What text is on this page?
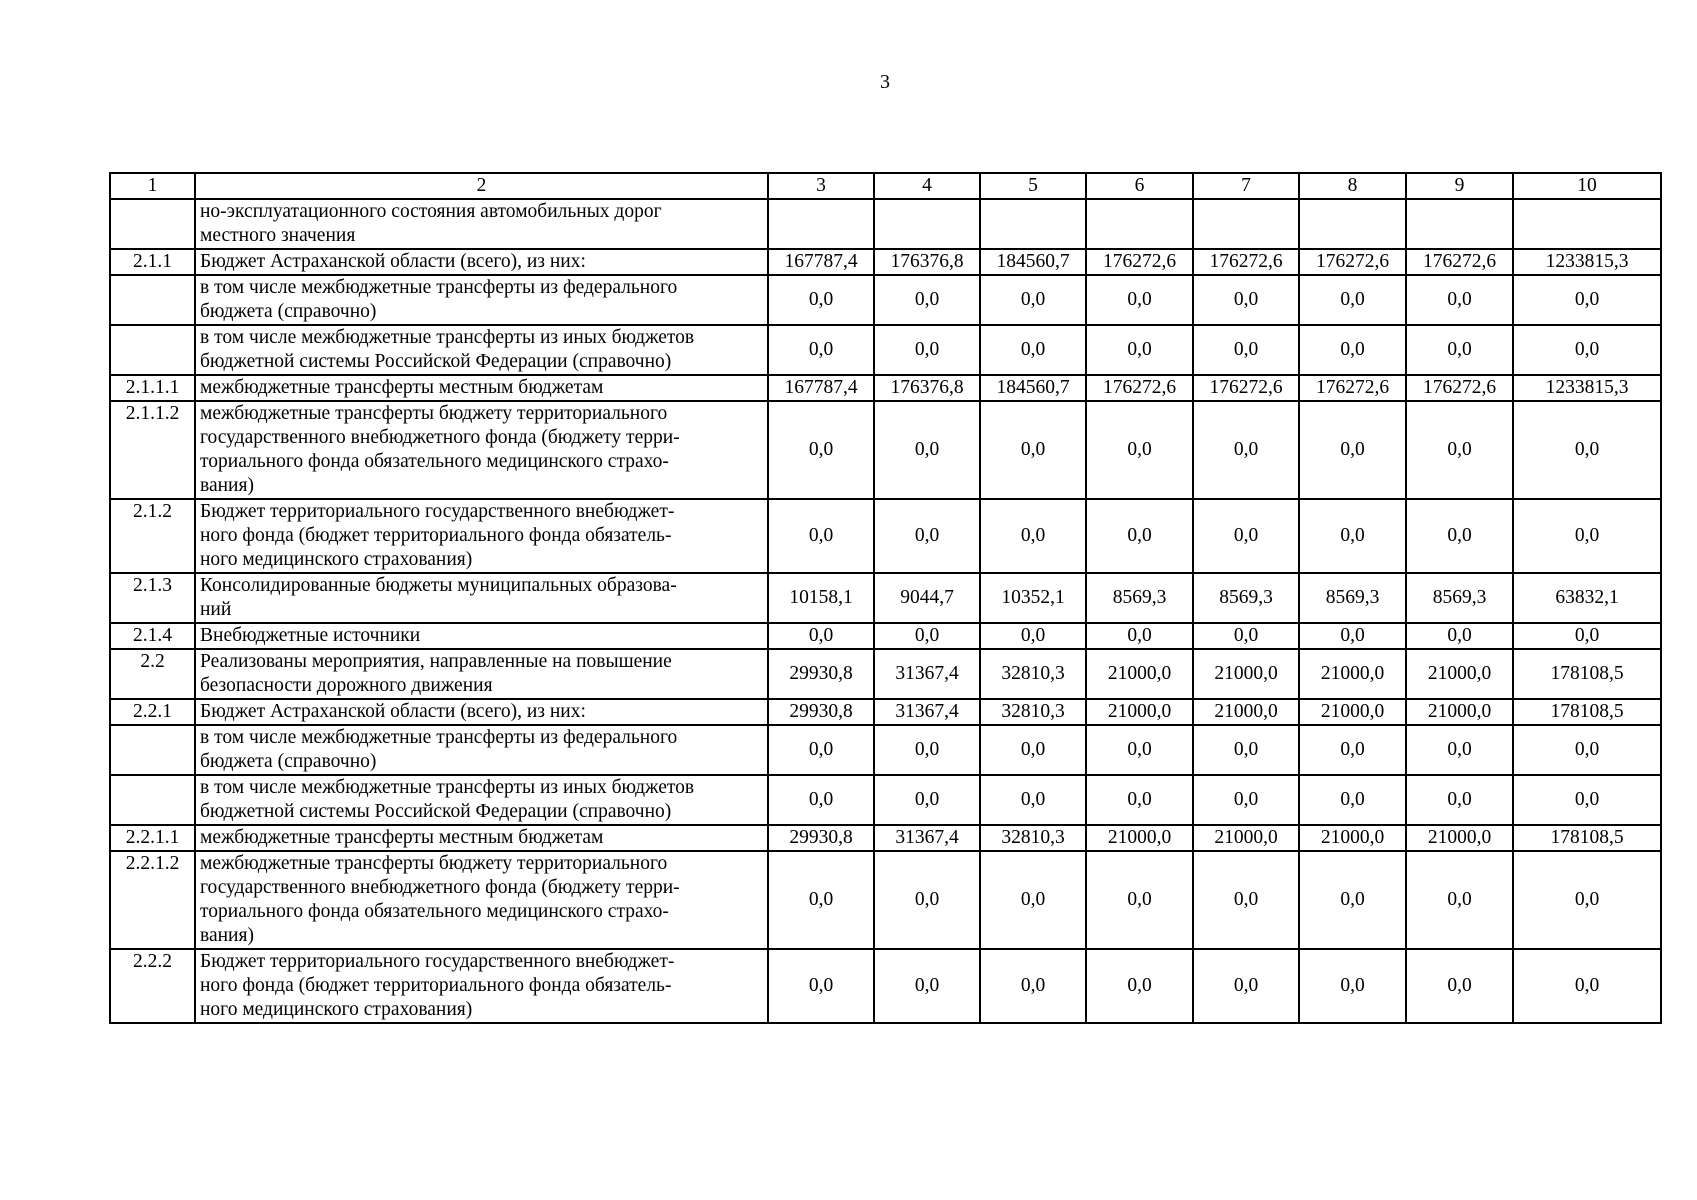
3
1	2	3	4	5	6	7	8	9	10

	но-эксплуатационного состояния автомобильных дорог
местного значения								

2.1.1	Бюджет Астраханской области (всего), из них:	167787,4	176376,8	184560,7	176272,6	176272,6	176272,6	176272,6	1233815,3

	в том числе межбюджетные трансферты из федерального
бюджета (справочно)	0,0	0,0	0,0	0,0	0,0	0,0	0,0	0,0

	в том числе межбюджетные трансферты из иных бюджетов
бюджетной системы Российской Федерации (справочно)	0,0	0,0	0,0	0,0	0,0	0,0	0,0	0,0
2.1.1.1	межбюджетные трансферты местным бюджетам	167787,4	176376,8	184560,7	176272,6	176272,6	176272,6	176272,6	1233815,3
2.1.1.2	межбюджетные трансферты бюджету территориального
государственного внебюджетного фонда (бюджету терри-
ториального фонда обязательного медицинского страхо-
вания)	0,0	0,0	0,0	0,0	0,0	0,0	0,0	0,0
2.1.2	Бюджет территориального государственного внебюджет-
ного фонда (бюджет территориального фонда обязатель-
ного медицинского страхования)	0,0	0,0	0,0	0,0	0,0	0,0	0,0	0,0
2.1.3	Консолидированные бюджеты муниципальных образова-
ний	10158,1	9044,7	10352,1	8569,3	8569,3	8569,3	8569,3	63832,1
2.1.4	Внебюджетные источники	0,0	0,0	0,0	0,0	0,0	0,0	0,0	0,0
2.2	Реализованы мероприятия, направленные на повышение
безопасности дорожного движения	29930,8	31367,4	32810,3	21000,0	21000,0	21000,0	21000,0	178108,5
2.2.1	Бюджет Астраханской области (всего), из них:	29930,8	31367,4	32810,3	21000,0	21000,0	21000,0	21000,0	178108,5

	в том числе межбюджетные трансферты из федерального
бюджета (справочно)	0,0	0,0	0,0	0,0	0,0	0,0	0,0	0,0

	в том числе межбюджетные трансферты из иных бюджетов
бюджетной системы Российской Федерации (справочно)	0,0	0,0	0,0	0,0	0,0	0,0	0,0	0,0
2.2.1.1	межбюджетные трансферты местным бюджетам	29930,8	31367,4	32810,3	21000,0	21000,0	21000,0	21000,0	178108,5
2.2.1.2	межбюджетные трансферты бюджету территориального
государственного внебюджетного фонда (бюджету терри-
ториального фонда обязательного медицинского страхо-
вания)	0,0	0,0	0,0	0,0	0,0	0,0	0,0	0,0
2.2.2	Бюджет территориального государственного внебюджет-
ного фонда (бюджет территориального фонда обязатель-
ного медицинского страхования)	0,0	0,0	0,0	0,0	0,0	0,0	0,0	0,0
